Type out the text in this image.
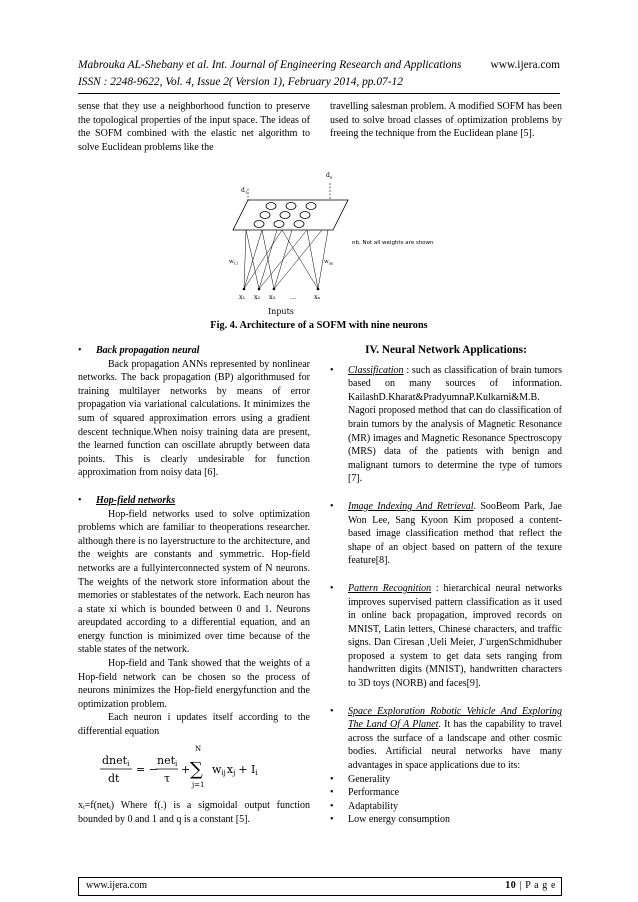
Mabrouka AL-Shebany et al. Int. Journal of Engineering Research and Applications	www.ijera.com
ISSN : 2248-9622, Vol. 4, Issue 2( Version 1), February 2014, pp.07-12
sense that they use a neighborhood function to preserve the topological properties of the input space. The ideas of the SOFM combined with the elastic net algorithm to solve Euclidean problems like the
travelling salesman problem. A modified SOFM has been used to solve broad classes of optimization problems by freeing the technique from the Euclidean plane [5].
$d_1$
$d_n$
nb. Not all weights are shown
$w_{11}$	$w_{nn}$
x₁ x₂ x₃ ...	xₙ
Inputs
Fig. 4. Architecture of a SOFM with nine neurons
•	Back propagation neural
Back propagation ANNs represented by nonlinear networks. The back propagation (BP) algorithmused for training multilayer networks by means of error propagation via variational calculations. It minimizes the sum of squared approximation errors using a gradient descent technique.When noisy training data are present, the learned function can oscillate abruptly between data points. This is clearly undesirable for function approximation from noisy data [6].
•	Hop-field networks
Hop-field networks used to solve optimization problems which are familiar to theoperations researcher. although there is no layerstructure to the architecture, and the weights are constants and symmetric. Hop-field networks are a fullyinterconnected system of N neurons. The weights of the network store information about the memories or stablestates of the network. Each neuron has a state xi which is bounded between 0 and 1. Neurons areupdated according to a differential equation, and an energy function is minimized over time because of the stable states of the network.
Hop-field and Tank showed that the weights of a Hop-field network can be chosen so the process of neurons minimizes the Hop-field energyfunction and the optimization problem.
Each neuron i updates itself according to the differential equation
dneti
dt
= −
neti
τ
+
N
∑
j=1
wijxj + Ii
xᵢ=f(netᵢ) Where f(.) is a sigmoidal output function bounded by 0 and 1 and q is a constant [5].
IV. Neural Network Applications:
•	Classification : such as classification of brain tumors based on many sources of information. KailashD.Kharat&PradyumnaP.Kulkarni&M.B. Nagori proposed method that can do classification of brain tumors by the analysis of Magnetic Resonance (MR) images and Magnetic Resonance Spectroscopy (MRS) data of the patients with benign and malignant tumors to determine the type of tumors [7].
•	Image Indexing And Retrieval. SooBeom Park, Jae Won Lee, Sang Kyoon Kim proposed a content-based image classification method that reflect the shape of an object based on pattern of the texure feature[8].
•	Pattern Recognition : hierarchical neural networks improves supervised pattern classification as it used in online back propagation, improved records on MNIST, Latin letters, Chinese characters, and traffic signs. Dan Ciresan ,Ueli Meier, J¨urgenSchmidhuber proposed a system to get data sets ranging from handwritten digits (MNIST), handwritten characters to 3D toys (NORB) and faces[9].
•	Space Exploration Robotic Vehicle And Exploring The Land Of A Planet. It has the capability to travel across the surface of a landscape and other cosmic bodies. Artificial neural networks have many advantages in space applications due to its:
•	Generality
•	Performance
•	Adaptability
•	Low energy consumption
www.ijera.com	10 | P a g e
